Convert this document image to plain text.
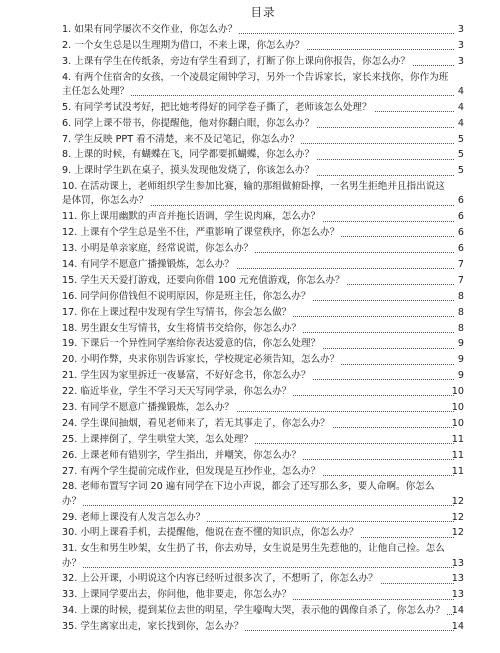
目录
1. 如果有同学屡次不交作业，你怎么办？	3
2. 一个女生总是以生理期为借口，不来上课，你怎么办？	3
3. 上课有学生在传纸条，旁边有学生看到了，打断了你上课向你报告，你怎么办？	3
4. 有两个住宿舍的女孩，一个凌晨定闹钟学习，另外一个告诉家长，家长来找你，你作为班主任怎么处理？	4
5. 有同学考试没考好，把比她考得好的同学卷子撕了，老师该怎么处理？	4
6. 同学上课不带书，你提醒他，他对你翻白眼，你怎么办？	4
7. 学生反映 PPT 看不清楚，来不及记笔记，你怎么办？	5
8. 上课的时候，有蝴蝶在飞，同学都要抓蝴蝶，你怎么办？	5
9. 上课时学生趴在桌子，摸头发现他发烧了，你该怎么办？	5
10. 在活动课上，老师组织学生参加比赛，输的那组做俯卧撑，一名男生拒绝并且指出说这是体罚，你怎么办？	6
11. 你上课用幽默的声音并拖长语调，学生说肉麻，怎么办？	6
12. 上课有个学生总是坐不住，严重影响了课堂秩序，你怎么办？	6
13. 小明是单亲家庭，经常说谎，你怎么办？	6
14. 有同学不愿意广播操锻炼，怎么办？	7
15. 学生天天爱打游戏，还要向你借 100 元充值游戏，你怎么办？	7
16. 同学问你借钱但不说明原因，你是班主任，你怎么办？	8
17. 你在上课过程中发现有学生写情书，你会怎么做？	8
18. 男生跟女生写情书，女生将情书交给你，你怎么办？	8
19. 下课后一个异性同学塞给你表达爱意的信，你怎么处理？	9
20. 小明作弊，央求你别告诉家长，学校规定必须告知，怎么办？	9
21. 学生因为家里拆迁一夜暴富，不好好念书，你怎么办？	9
22. 临近毕业，学生不学习天天写同学录，你怎么办？	10
23. 有同学不愿意广播操锻炼，怎么办？	10
24. 学生课间抽烟，看见老师来了，若无其事走了，你怎么办？	10
25. 上课摔倒了，学生哄堂大笑，怎么处理？	11
26. 上课老师有错别字，学生指出，并嘲笑，你怎么办？	11
27. 有两个学生提前完成作业，但发现是互抄作业，怎么办？	11
28. 老师布置写字词 20 遍有同学在下边小声说，都会了还写那么多，要人命啊。你怎么办？	12
29. 老师上课没有人发言怎么办？	12
30. 小明上课看手机，去提醒他，他说在查不懂的知识点，你怎么办？	12
31. 女生和男生吵架，女生扔了书，你去劝导，女生说是男生先惹他的，让他自己捡。怎么办？	13
32. 上公开课，小明说这个内容已经听过很多次了，不想听了，你怎么办？	13
33. 上课同学要出去，你问他，他非要走，你怎么办？	13
34. 上课的时候，提到某位去世的明星，学生嚎啕大哭，表示他的偶像自杀了，你怎么办？ 14
35. 学生离家出走，家长找到你，怎么办？	14
